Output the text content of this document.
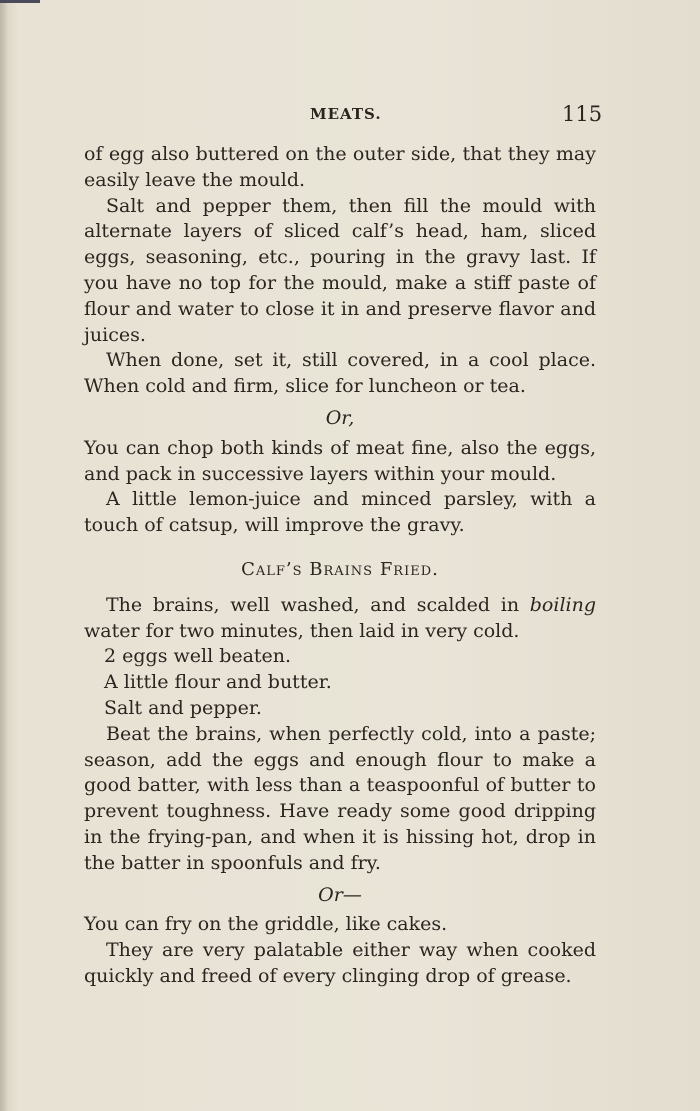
MEATS.	115

of egg also buttered on the outer side, that they may easily leave the mould.

Salt and pepper them, then fill the mould with alternate layers of sliced calf’s head, ham, sliced eggs, seasoning, etc., pouring in the gravy last. If you have no top for the mould, make a stiff paste of flour and water to close it in and preserve flavor and juices.

When done, set it, still covered, in a cool place. When cold and firm, slice for luncheon or tea.

Or,

You can chop both kinds of meat fine, also the eggs, and pack in successive layers within your mould.

A little lemon-juice and minced parsley, with a touch of catsup, will improve the gravy.

Calf’s Brains Fried.

The brains, well washed, and scalded in boiling water for two minutes, then laid in very cold.

2 eggs well beaten.

A little flour and butter.

Salt and pepper.

Beat the brains, when perfectly cold, into a paste; season, add the eggs and enough flour to make a good batter, with less than a teaspoonful of butter to prevent toughness. Have ready some good dripping in the frying-pan, and when it is hissing hot, drop in the batter in spoonfuls and fry.

Or—

You can fry on the griddle, like cakes.

They are very palatable either way when cooked quickly and freed of every clinging drop of grease.
